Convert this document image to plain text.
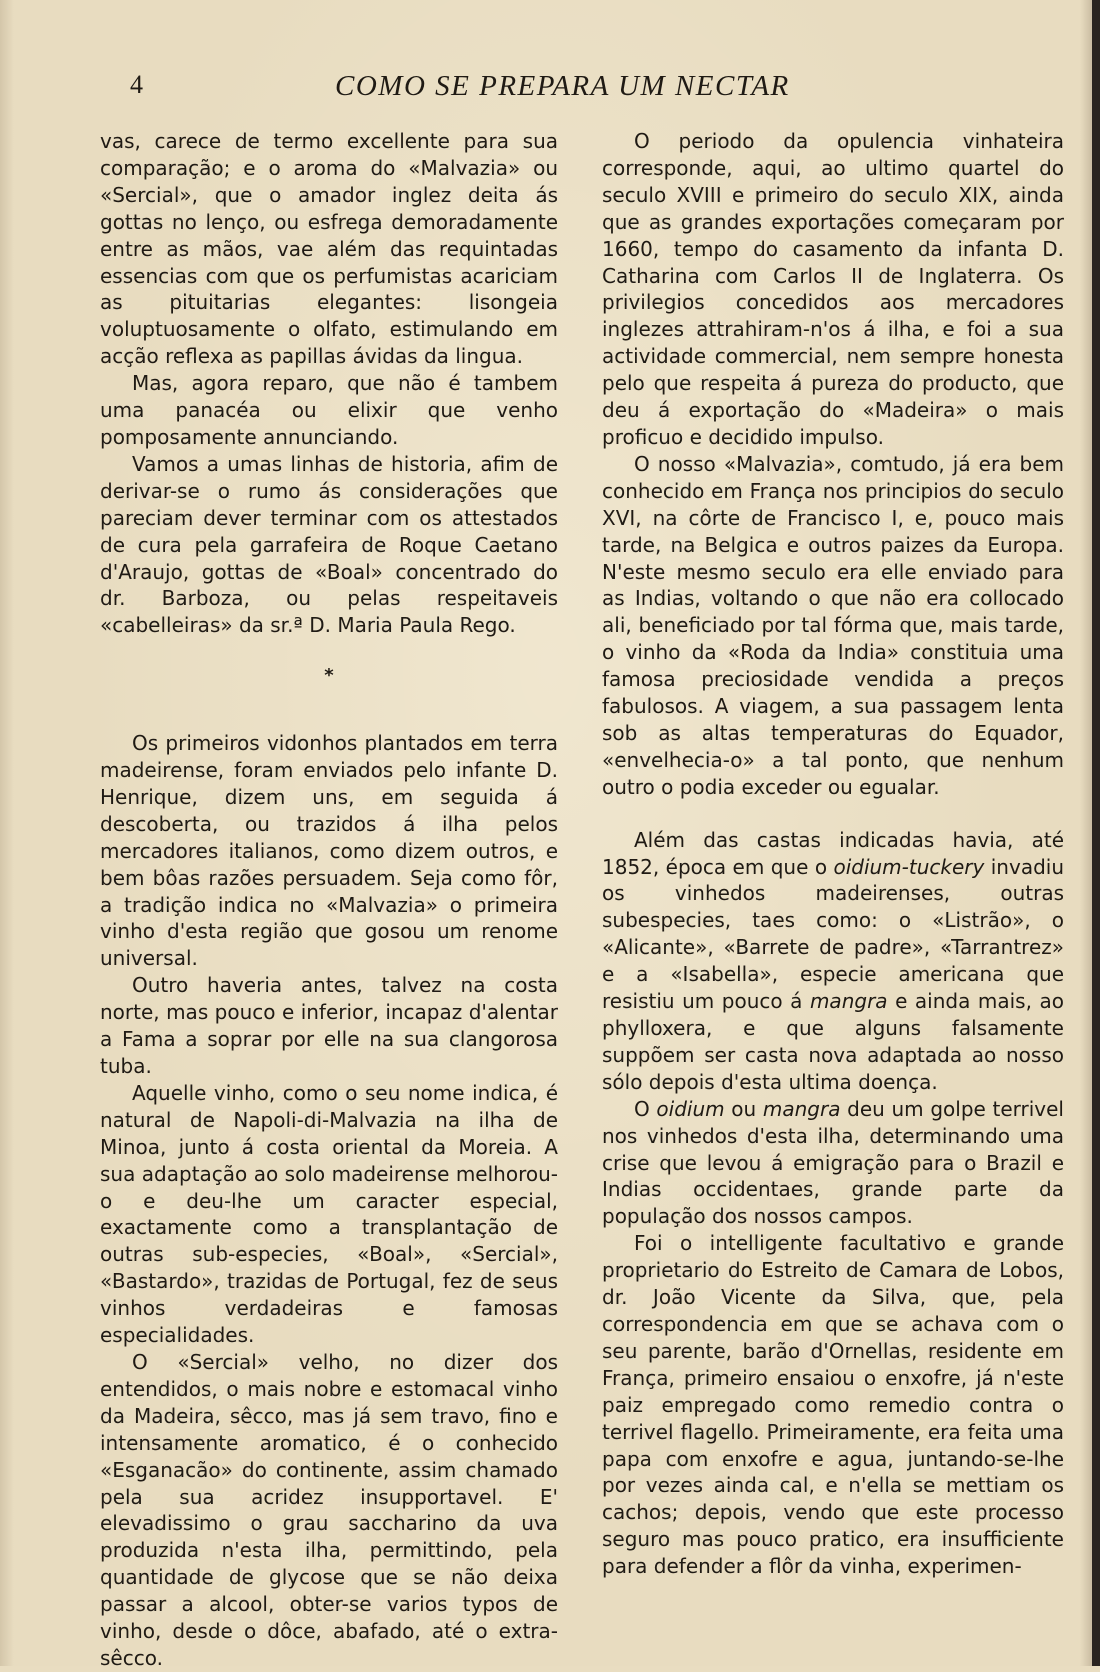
4	COMO SE PREPARA UM NECTAR

vas, carece de termo excellente para sua comparação; e o aroma do «Malvazia» ou «Sercial», que o amador inglez deita ás gottas no lenço, ou esfrega demoradamente entre as mãos, vae além das requintadas essencias com que os perfumistas acariciam as pituitarias elegantes: lisongeia voluptuosamente o olfato, estimulando em acção reflexa as papillas ávidas da lingua.

Mas, agora reparo, que não é tambem uma panacéa ou elixir que venho pomposamente annunciando.

Vamos a umas linhas de historia, afim de derivar-se o rumo ás considerações que pareciam dever terminar com os attestados de cura pela garrafeira de Roque Caetano d'Araujo, gottas de «Boal» concentrado do dr. Barboza, ou pelas respeitaveis «cabelleiras» da sr.ª D. Maria Paula Rego.

*

Os primeiros vidonhos plantados em terra madeirense, foram enviados pelo infante D. Henrique, dizem uns, em seguida á descoberta, ou trazidos á ilha pelos mercadores italianos, como dizem outros, e bem bôas razões persuadem. Seja como fôr, a tradição indica no «Malvazia» o primeira vinho d'esta região que gosou um renome universal.

Outro haveria antes, talvez na costa norte, mas pouco e inferior, incapaz d'alentar a Fama a soprar por elle na sua clangorosa tuba.

Aquelle vinho, como o seu nome indica, é natural de Napoli-di-Malvazia na ilha de Minoa, junto á costa oriental da Moreia. A sua adaptação ao solo madeirense melhorou-o e deu-lhe um caracter especial, exactamente como a transplantação de outras sub-especies, «Boal», «Sercial», «Bastardo», trazidas de Portugal, fez de seus vinhos verdadeiras e famosas especialidades.

O «Sercial» velho, no dizer dos entendidos, o mais nobre e estomacal vinho da Madeira, sêcco, mas já sem travo, fino e intensamente aromatico, é o conhecido «Esganacão» do continente, assim chamado pela sua acridez insupportavel. E' elevadissimo o grau saccharino da uva produzida n'esta ilha, permittindo, pela quantidade de glycose que se não deixa passar a alcool, obter-se varios typos de vinho, desde o dôce, abafado, até o extra-sêcco.

O periodo da opulencia vinhateira corresponde, aqui, ao ultimo quartel do seculo XVIII e primeiro do seculo XIX, ainda que as grandes exportações começaram por 1660, tempo do casamento da infanta D. Catharina com Carlos II de Inglaterra. Os privilegios concedidos aos mercadores inglezes attrahiram-n'os á ilha, e foi a sua actividade commercial, nem sempre honesta pelo que respeita á pureza do producto, que deu á exportação do «Madeira» o mais proficuo e decidido impulso.

O nosso «Malvazia», comtudo, já era bem conhecido em França nos principios do seculo XVI, na côrte de Francisco I, e, pouco mais tarde, na Belgica e outros paizes da Europa. N'este mesmo seculo era elle enviado para as Indias, voltando o que não era collocado ali, beneficiado por tal fórma que, mais tarde, o vinho da «Roda da India» constituia uma famosa preciosidade vendida a preços fabulosos. A viagem, a sua passagem lenta sob as altas temperaturas do Equador, «envelhecia-o» a tal ponto, que nenhum outro o podia exceder ou egualar.

Além das castas indicadas havia, até 1852, época em que o oidium-tuckery invadiu os vinhedos madeirenses, outras subespecies, taes como: o «Listrão», o «Alicante», «Barrete de padre», «Tarrantrez» e a «Isabella», especie americana que resistiu um pouco á mangra e ainda mais, ao phylloxera, e que alguns falsamente suppõem ser casta nova adaptada ao nosso sólo depois d'esta ultima doença.

O oidium ou mangra deu um golpe terrivel nos vinhedos d'esta ilha, determinando uma crise que levou á emigração para o Brazil e Indias occidentaes, grande parte da população dos nossos campos.

Foi o intelligente facultativo e grande proprietario do Estreito de Camara de Lobos, dr. João Vicente da Silva, que, pela correspondencia em que se achava com o seu parente, barão d'Ornellas, residente em França, primeiro ensaiou o enxofre, já n'este paiz empregado como remedio contra o terrivel flagello. Primeiramente, era feita uma papa com enxofre e agua, juntando-se-lhe por vezes ainda cal, e n'ella se mettiam os cachos; depois, vendo que este processo seguro mas pouco pratico, era insufficiente para defender a flôr da vinha, experimen-
